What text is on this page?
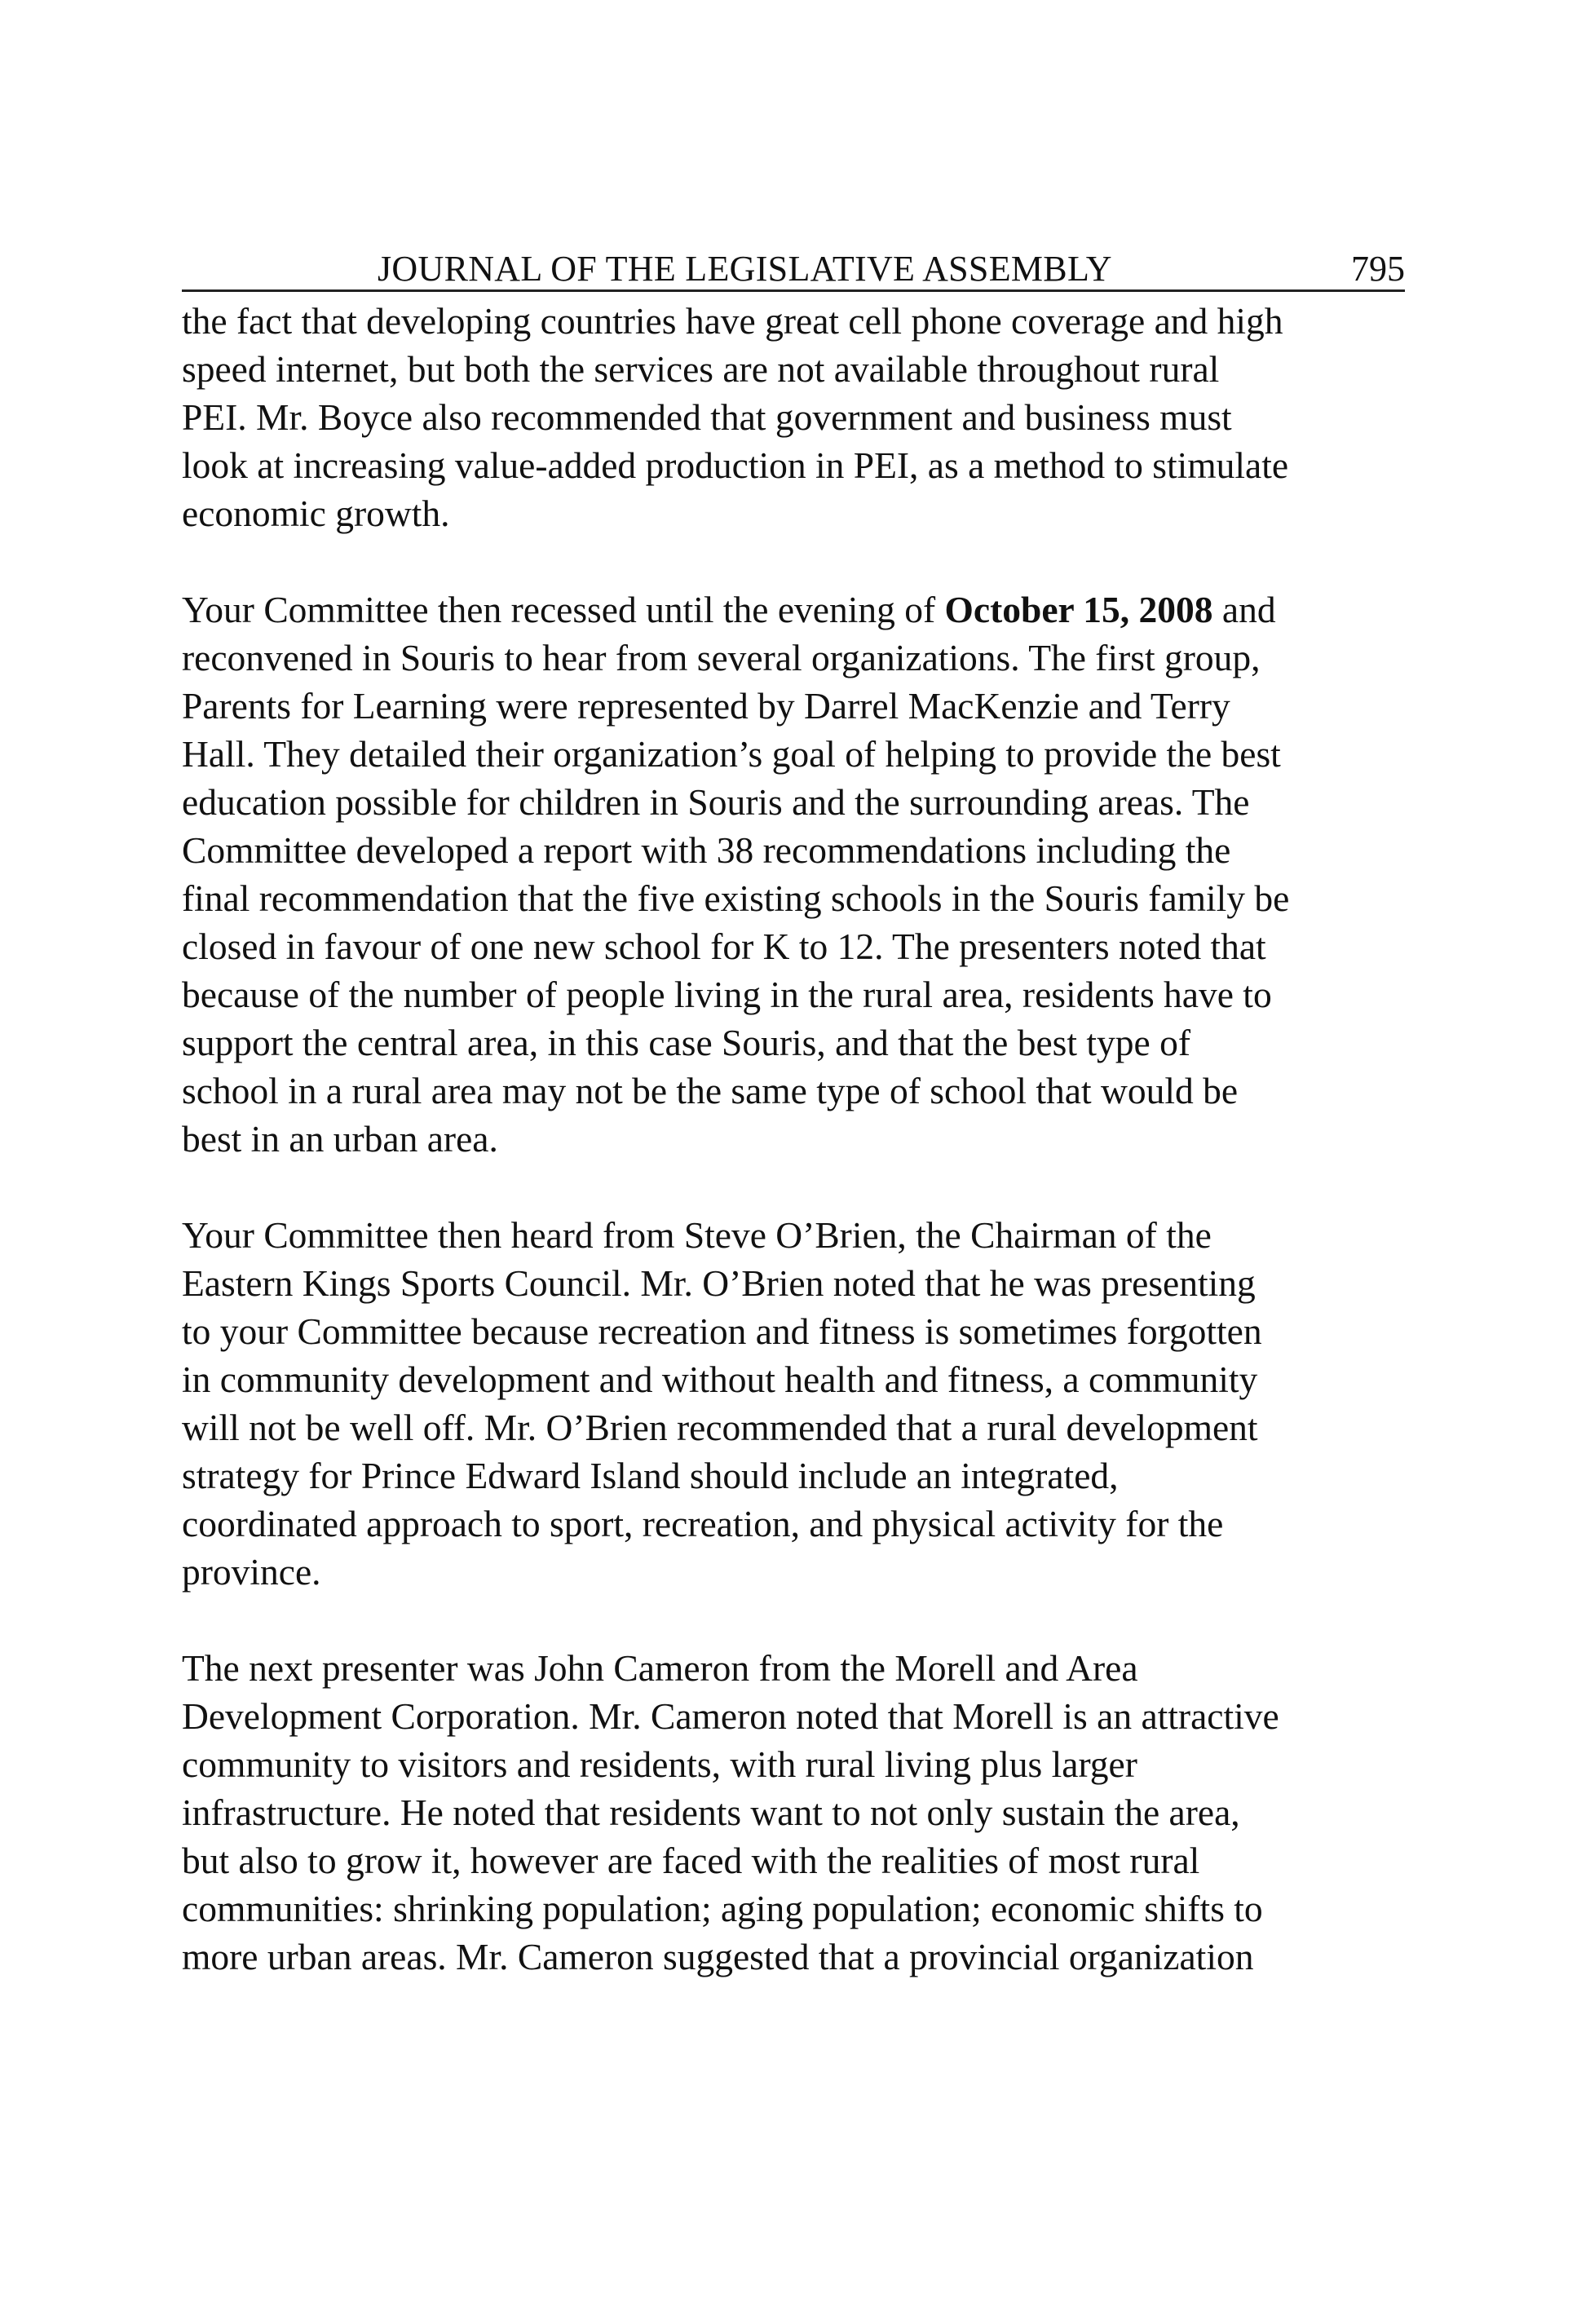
JOURNAL OF THE LEGISLATIVE ASSEMBLY	795
the fact that developing countries have great cell phone coverage and high
speed internet, but both the services are not available throughout rural
PEI. Mr. Boyce also recommended that government and business must
look at increasing value-added production in PEI, as a method to stimulate
economic growth.
Your Committee then recessed until the evening of October 15, 2008 and
reconvened in Souris to hear from several organizations. The first group,
Parents for Learning were represented by Darrel MacKenzie and Terry
Hall. They detailed their organization’s goal of helping to provide the best
education possible for children in Souris and the surrounding areas. The
Committee developed a report with 38 recommendations including the
final recommendation that the five existing schools in the Souris family be
closed in favour of one new school for K to 12. The presenters noted that
because of the number of people living in the rural area, residents have to
support the central area, in this case Souris, and that the best type of
school in a rural area may not be the same type of school that would be
best in an urban area.
Your Committee then heard from Steve O’Brien, the Chairman of the
Eastern Kings Sports Council. Mr. O’Brien noted that he was presenting
to your Committee because recreation and fitness is sometimes forgotten
in community development and without health and fitness, a community
will not be well off. Mr. O’Brien recommended that a rural development
strategy for Prince Edward Island should include an integrated,
coordinated approach to sport, recreation, and physical activity for the
province.
The next presenter was John Cameron from the Morell and Area
Development Corporation. Mr. Cameron noted that Morell is an attractive
community to visitors and residents, with rural living plus larger
infrastructure. He noted that residents want to not only sustain the area,
but also to grow it, however are faced with the realities of most rural
communities: shrinking population; aging population; economic shifts to
more urban areas. Mr. Cameron suggested that a provincial organization
